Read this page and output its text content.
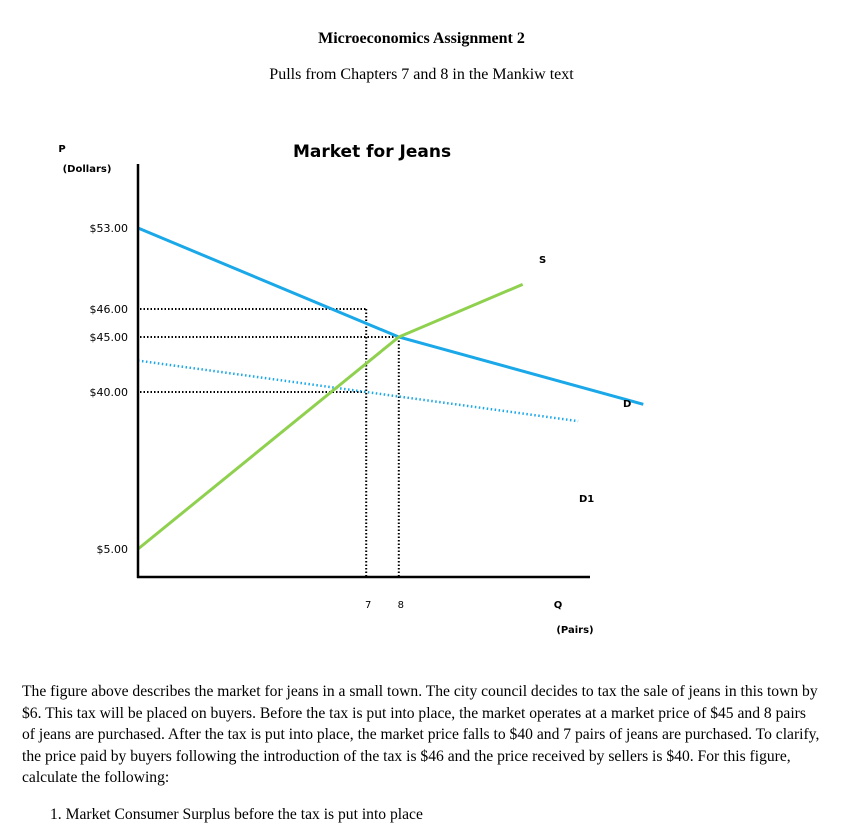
Microeconomics Assignment 2
Pulls from Chapters 7 and 8 in the Mankiw text
Market for Jeans
P
(Dollars)
Q
(Pairs)
$53.00
$46.00
$45.00
$40.00
$5.00
7	8
S
D
D1

The figure above describes the market for jeans in a small town. The city council decides to tax the sale of jeans in this town by $6. This tax will be placed on buyers. Before the tax is put into place, the market operates at a market price of $45 and 8 pairs of jeans are purchased. After the tax is put into place, the market price falls to $40 and 7 pairs of jeans are purchased. To clarify, the price paid by buyers following the introduction of the tax is $46 and the price received by sellers is $40. For this figure, calculate the following:

1. Market Consumer Surplus before the tax is put into place
